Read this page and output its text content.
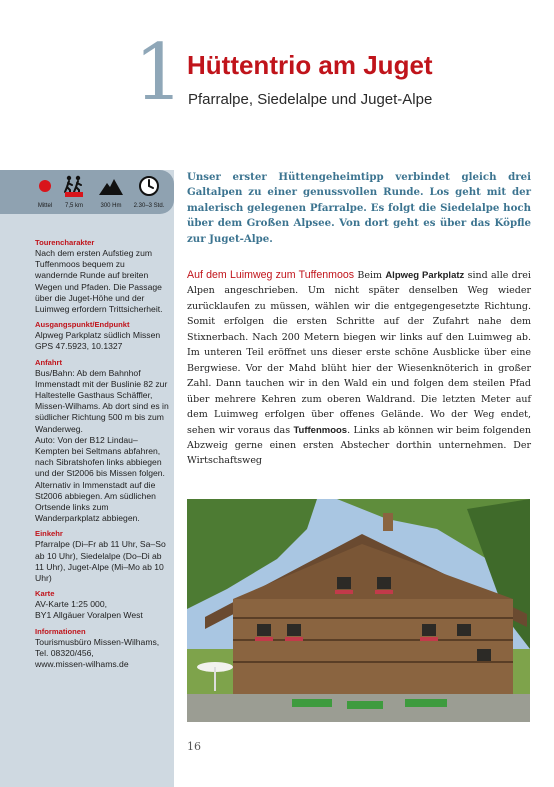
1 Hüttentrio am Juget
Pfarralpe, Siedelalpe und Juget-Alpe
Mittel	7,5 km	300 Hm	2.30–3 Std.
Tourencharakter

Nach dem ersten Aufstieg zum Tuffenmoos bequem zu wandernde Runde auf breiten Wegen und Pfaden. Die Passage über die Juget-Höhe und der Luimweg erfordern Trittsicherheit.

Ausgangspunkt/Endpunkt

Alpweg Parkplatz südlich Missen

GPS 47.5923, 10.1327

Anfahrt

Bus/Bahn: Ab dem Bahnhof Immenstadt mit der Buslinie 82 zur Haltestelle Gasthaus Schäffler, Missen-Wilhams. Ab dort sind es in südlicher Richtung 500 m bis zum Wanderweg.

Auto: Von der B12 Lindau–Kempten bei Seltmans abfahren, nach Sibratshofen links abbiegen und der St2006 bis Missen folgen. Alternativ in Immenstadt auf die St2006 abbiegen. Am südlichen Ortsende links zum Wanderparkplatz abbiegen.

Einkehr

Pfarralpe (Di–Fr ab 11 Uhr, Sa–So ab 10 Uhr), Siedelalpe (Do–Di ab 11 Uhr), Juget-Alpe (Mi–Mo ab 10 Uhr)

Karte

AV-Karte 1:25 000,

BY1 Allgäuer Voralpen West

Informationen

Tourismusbüro Missen-Wilhams, Tel. 08320/456,

www.missen-wilhams.de

Unser erster Hüttengeheimtipp verbindet gleich drei Galtalpen zu einer genussvollen Runde. Los geht mit der malerisch gelegenen Pfarralpe. Es folgt die Siedelalpe hoch über dem Großen Alpsee. Von dort geht es über das Köpfle zur Juget-Alpe.

Auf dem Luimweg zum Tuffenmoos Beim Alpweg Parkplatz sind alle drei Alpen angeschrieben. Um nicht später denselben Weg wieder zurücklaufen zu müssen, wählen wir die entgegengesetzte Richtung. Somit erfolgen die ersten Schritte auf der Zufahrt nahe dem Stixnerbach. Nach 200 Metern biegen wir links auf den Luimweg ab. Im unteren Teil eröffnet uns dieser erste schöne Ausblicke über eine Bergwiese. Vor der Mahd blüht hier der Wiesenknöterich in großer Zahl. Dann tauchen wir in den Wald ein und folgen dem steilen Pfad über mehrere Kehren zum oberen Waldrand. Die letzten Meter auf dem Luimweg erfolgen über offenes Gelände. Wo der Weg endet, sehen wir voraus das Tuffenmoos. Links ab können wir beim folgenden Abzweig gerne einen ersten Abstecher dorthin unternehmen. Der Wirtschaftsweg

16
